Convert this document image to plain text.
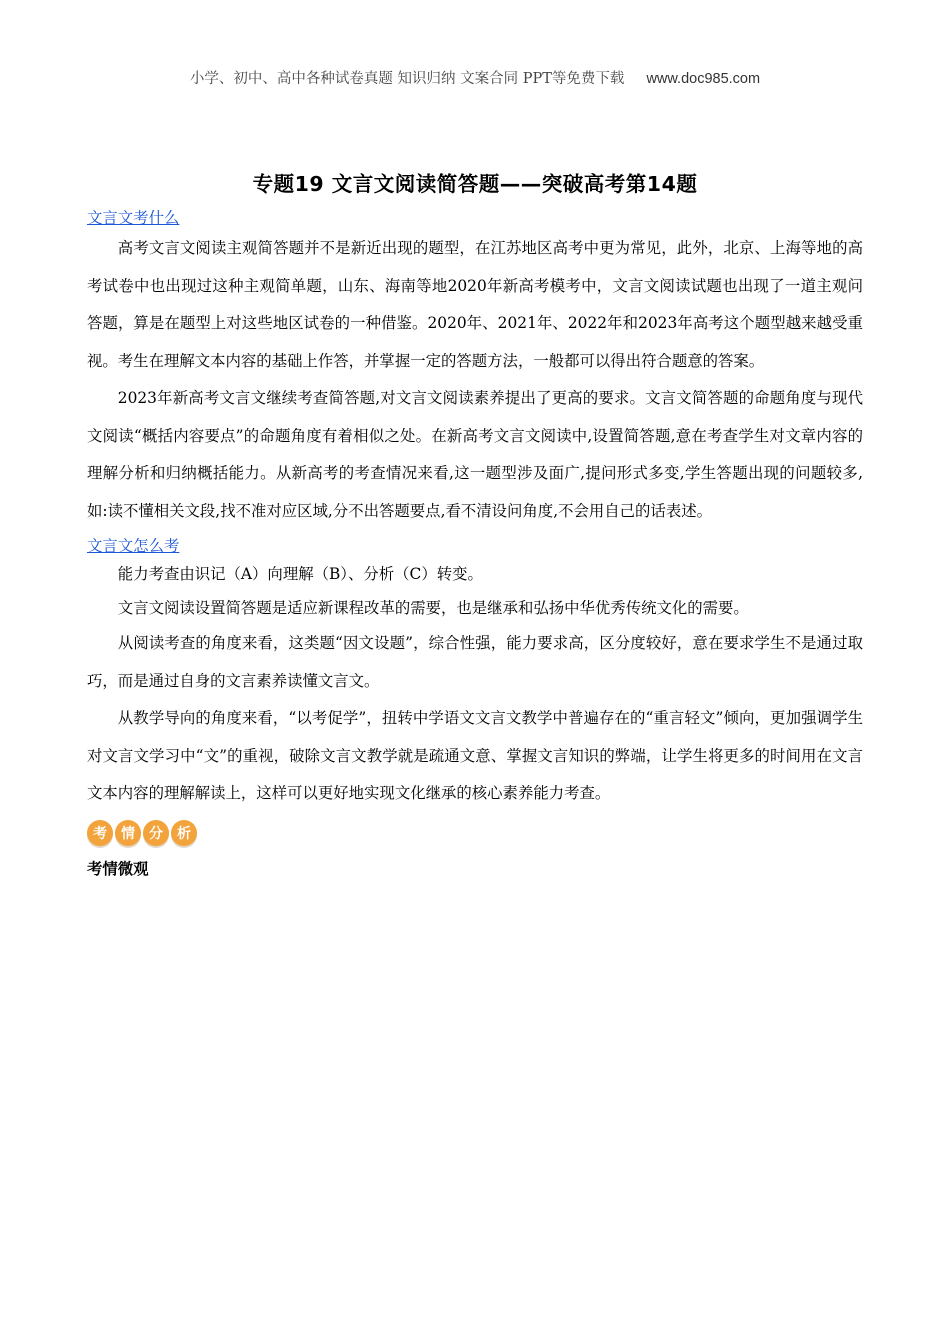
小学、初中、高中各种试卷真题 知识归纳 文案合同 PPT等免费下载 www.doc985.com
专题19 文言文阅读简答题——突破高考第14题
文言文考什么

高考文言文阅读主观简答题并不是新近出现的题型，在江苏地区高考中更为常见，此外，北京、上海等地的高考试卷中也出现过这种主观简单题，山东、海南等地2020年新高考模考中，文言文阅读试题也出现了一道主观问答题，算是在题型上对这些地区试卷的一种借鉴。2020年、2021年、2022年和2023年高考这个题型越来越受重视。考生在理解文本内容的基础上作答，并掌握一定的答题方法，一般都可以得出符合题意的答案。

2023年新高考文言文继续考查简答题,对文言文阅读素养提出了更高的要求。文言文简答题的命题角度与现代文阅读“概括内容要点”的命题角度有着相似之处。在新高考文言文阅读中,设置简答题,意在考查学生对文章内容的理解分析和归纳概括能力。从新高考的考查情况来看,这一题型涉及面广,提问形式多变,学生答题出现的问题较多,如:读不懂相关文段,找不准对应区域,分不出答题要点,看不清设问角度,不会用自己的话表述。

文言文怎么考

能力考查由识记（A）向理解（B）、分析（C）转变。

文言文阅读设置简答题是适应新课程改革的需要，也是继承和弘扬中华优秀传统文化的需要。

从阅读考查的角度来看，这类题“因文设题”，综合性强，能力要求高，区分度较好，意在要求学生不是通过取巧，而是通过自身的文言素养读懂文言文。

从教学导向的角度来看，“以考促学”，扭转中学语文文言文教学中普遍存在的“重言轻文”倾向，更加强调学生对文言文学习中“文”的重视，破除文言文教学就是疏通文意、掌握文言知识的弊端，让学生将更多的时间用在文言文本内容的理解解读上，这样可以更好地实现文化继承的核心素养能力考查。

考	情	分	析
考情微观
